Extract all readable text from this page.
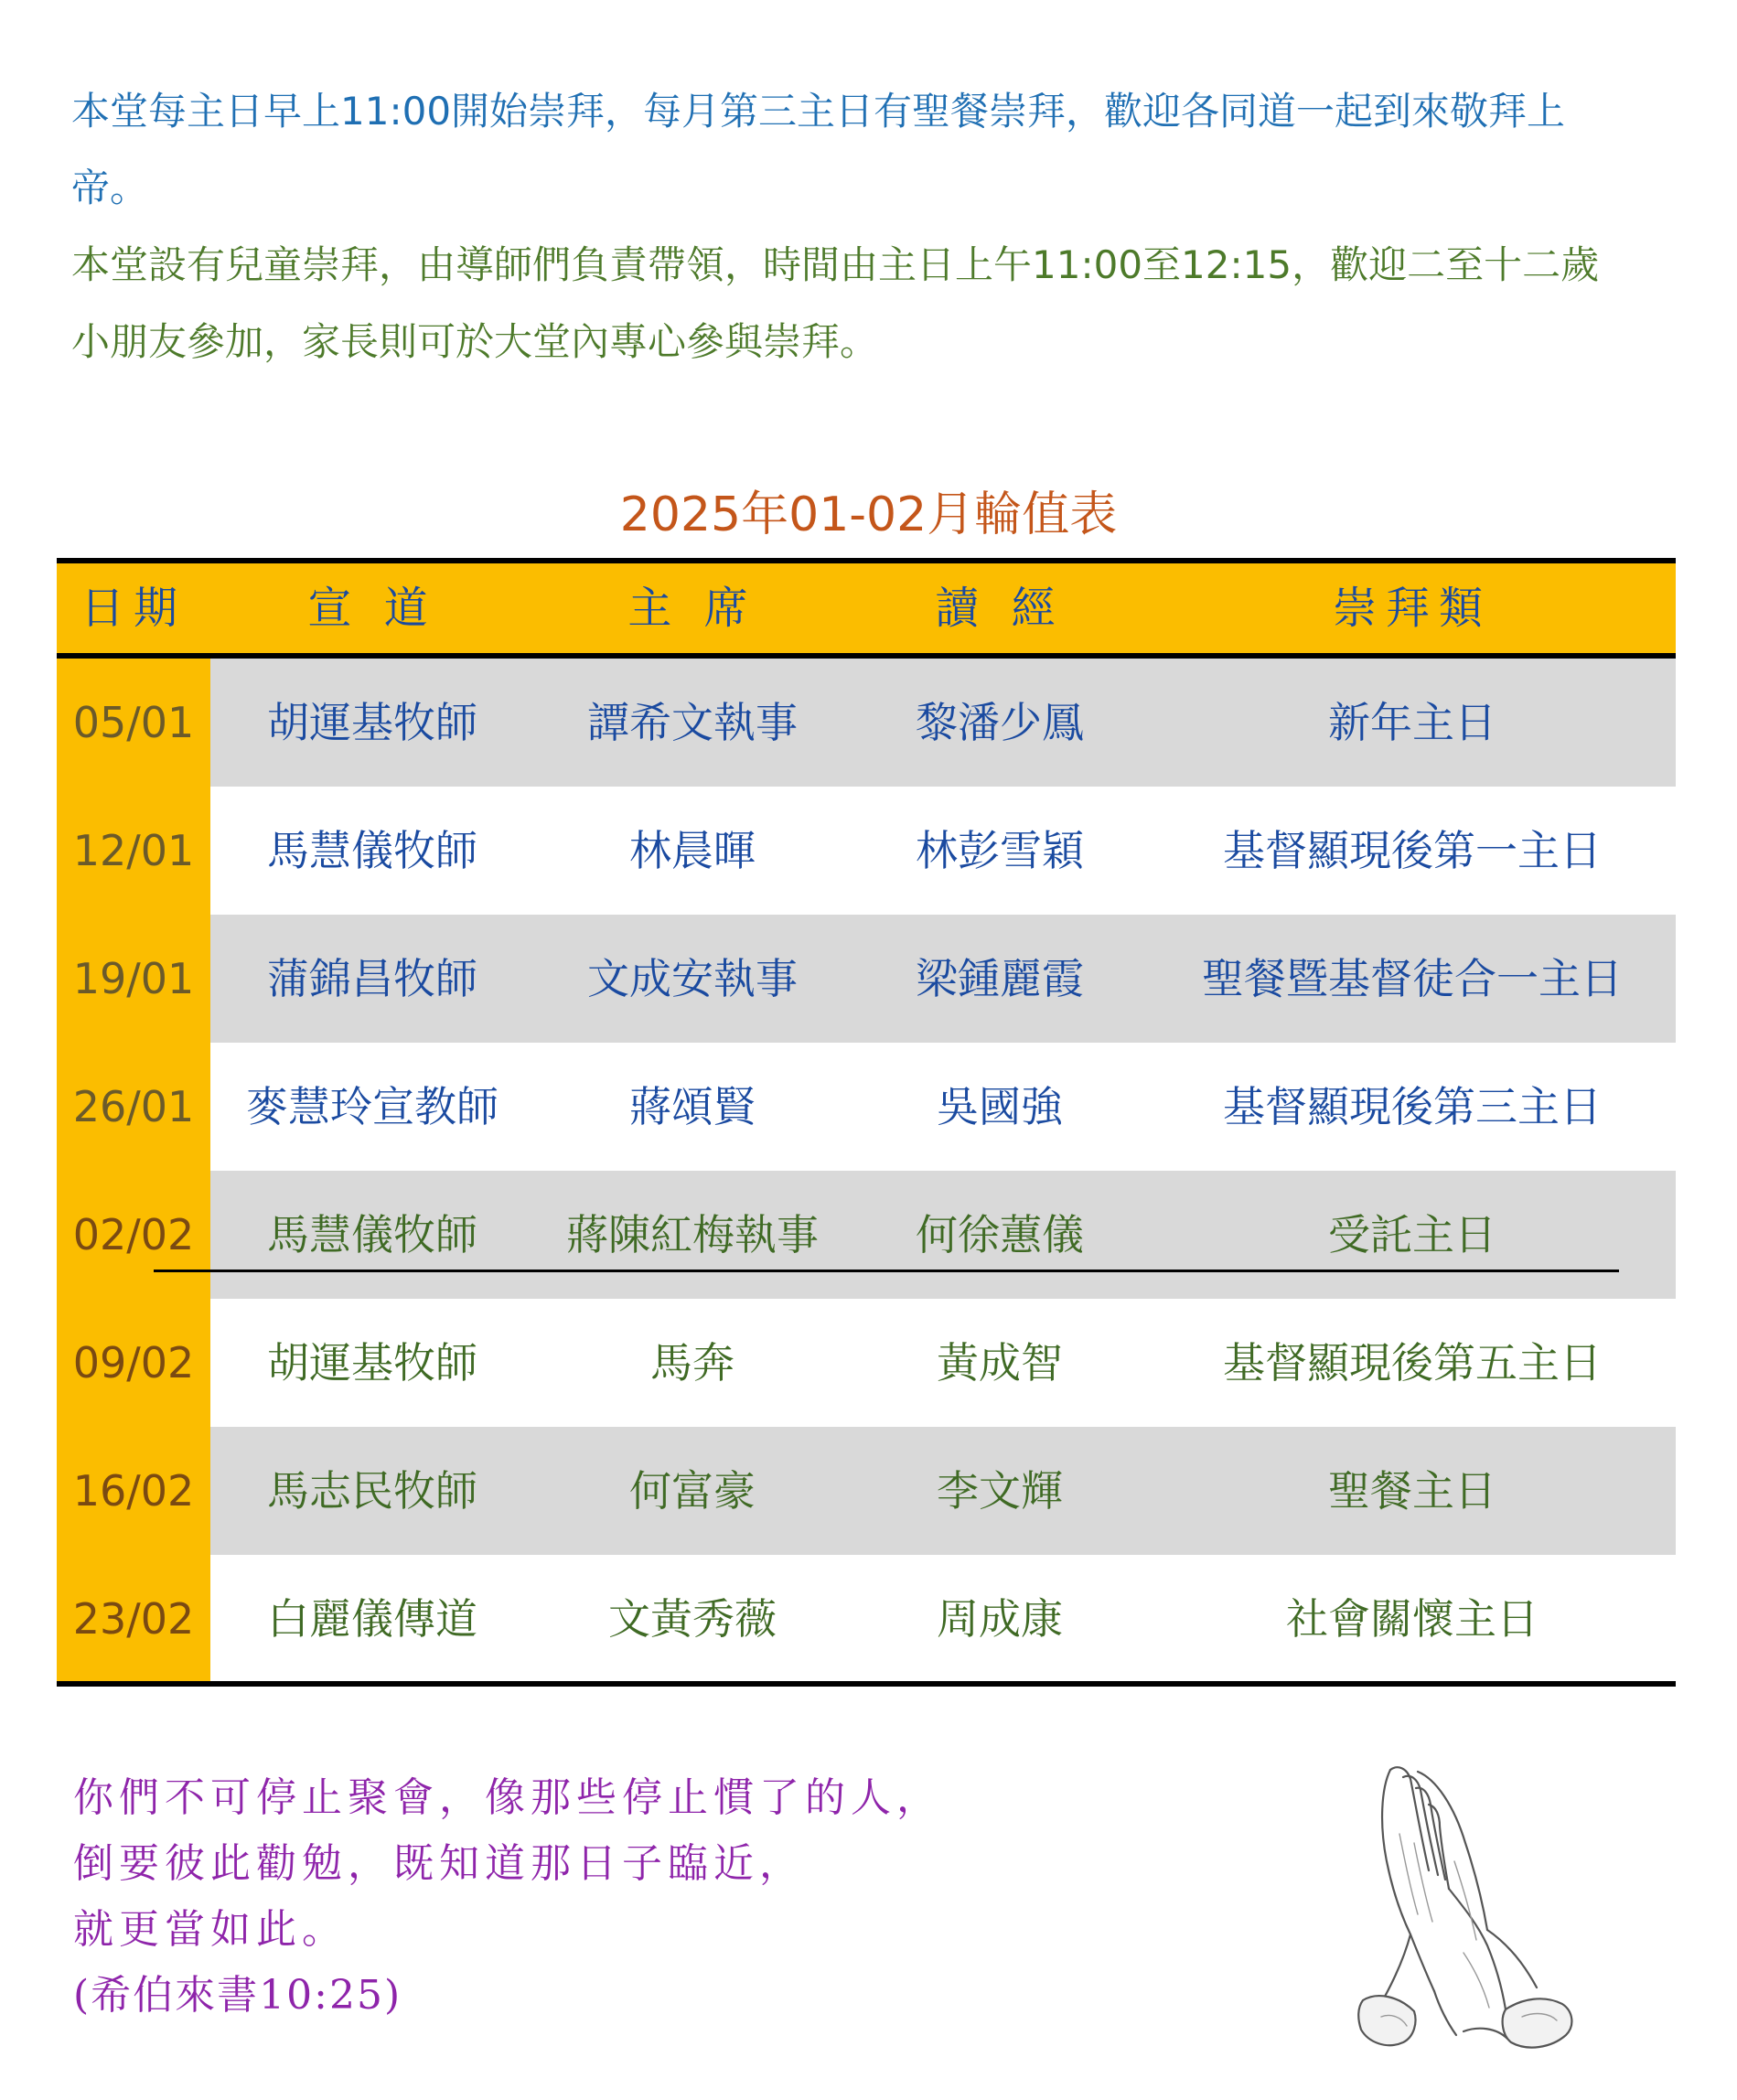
本堂每主日早上11:00開始崇拜，每月第三主日有聖餐崇拜，歡迎各同道一起到來敬拜上

帝。

本堂設有兒童崇拜，由導師們負責帶領，時間由主日上午11:00至12:15，歡迎二至十二歲

小朋友參加，家長則可於大堂內專心參與崇拜。

2025年01-02月輪值表
日期	宣 道	主 席	讀 經	崇拜類
05/01	胡運基牧師	譚希文執事	黎潘少鳳	新年主日
12/01	馬慧儀牧師	林晨暉	林彭雪穎	基督顯現後第一主日
19/01	蒲錦昌牧師	文成安執事	梁鍾麗霞	聖餐暨基督徒合一主日
26/01	麥慧玲宣教師	蔣頌賢	吳國強	基督顯現後第三主日
02/02	馬慧儀牧師	蔣陳紅梅執事	何徐蕙儀	受託主日
09/02	胡運基牧師	馬奔	黃成智	基督顯現後第五主日
16/02	馬志民牧師	何富豪	李文輝	聖餐主日
23/02	白麗儀傳道	文黃秀薇	周成康	社會關懷主日
你們不可停止聚會，像那些停止慣了的人，
倒要彼此勸勉，既知道那日子臨近，
就更當如此。
(希伯來書10:25)
